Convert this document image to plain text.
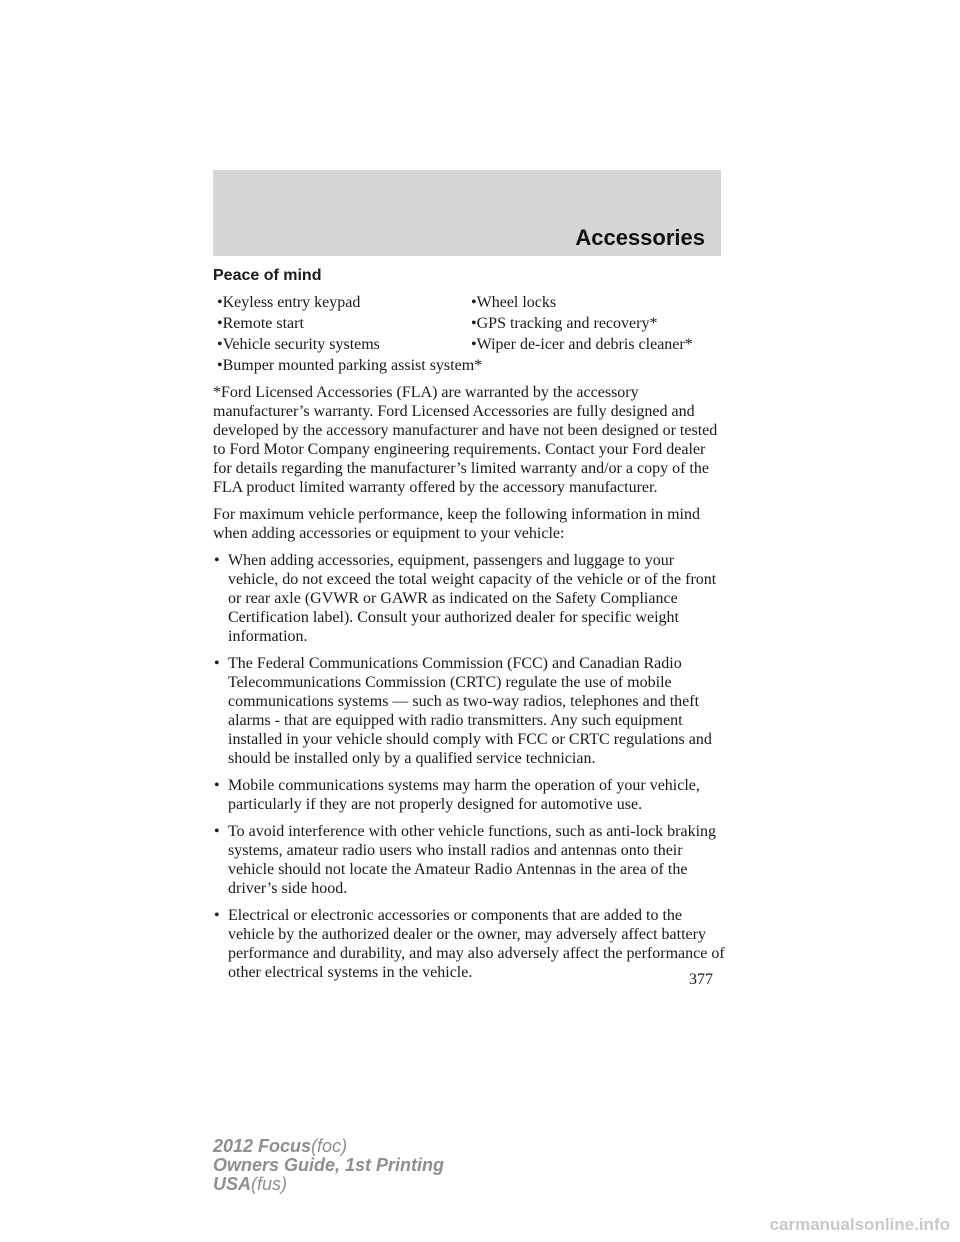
Accessories
Peace of mind
•Keyless entry keypad	•Wheel locks
•Remote start	•GPS tracking and recovery*
•Vehicle security systems	•Wiper de-icer and debris cleaner*
•Bumper mounted parking assist system*

*Ford Licensed Accessories (FLA) are warranted by the accessory manufacturer’s warranty. Ford Licensed Accessories are fully designed and developed by the accessory manufacturer and have not been designed or tested to Ford Motor Company engineering requirements. Contact your Ford dealer for details regarding the manufacturer’s limited warranty and/or a copy of the FLA product limited warranty offered by the accessory manufacturer.

For maximum vehicle performance, keep the following information in mind when adding accessories or equipment to your vehicle:

• When adding accessories, equipment, passengers and luggage to your vehicle, do not exceed the total weight capacity of the vehicle or of the front or rear axle (GVWR or GAWR as indicated on the Safety Compliance Certification label). Consult your authorized dealer for specific weight information.
• The Federal Communications Commission (FCC) and Canadian Radio Telecommunications Commission (CRTC) regulate the use of mobile communications systems — such as two-way radios, telephones and theft alarms - that are equipped with radio transmitters. Any such equipment installed in your vehicle should comply with FCC or CRTC regulations and should be installed only by a qualified service technician.
• Mobile communications systems may harm the operation of your vehicle, particularly if they are not properly designed for automotive use.
• To avoid interference with other vehicle functions, such as anti-lock braking systems, amateur radio users who install radios and antennas onto their vehicle should not locate the Amateur Radio Antennas in the area of the driver’s side hood.
• Electrical or electronic accessories or components that are added to the vehicle by the authorized dealer or the owner, may adversely affect battery performance and durability, and may also adversely affect the performance of other electrical systems in the vehicle.	377
2012 Focus(foc)
Owners Guide, 1st Printing
USA(fus)
carmanualsonline.info
